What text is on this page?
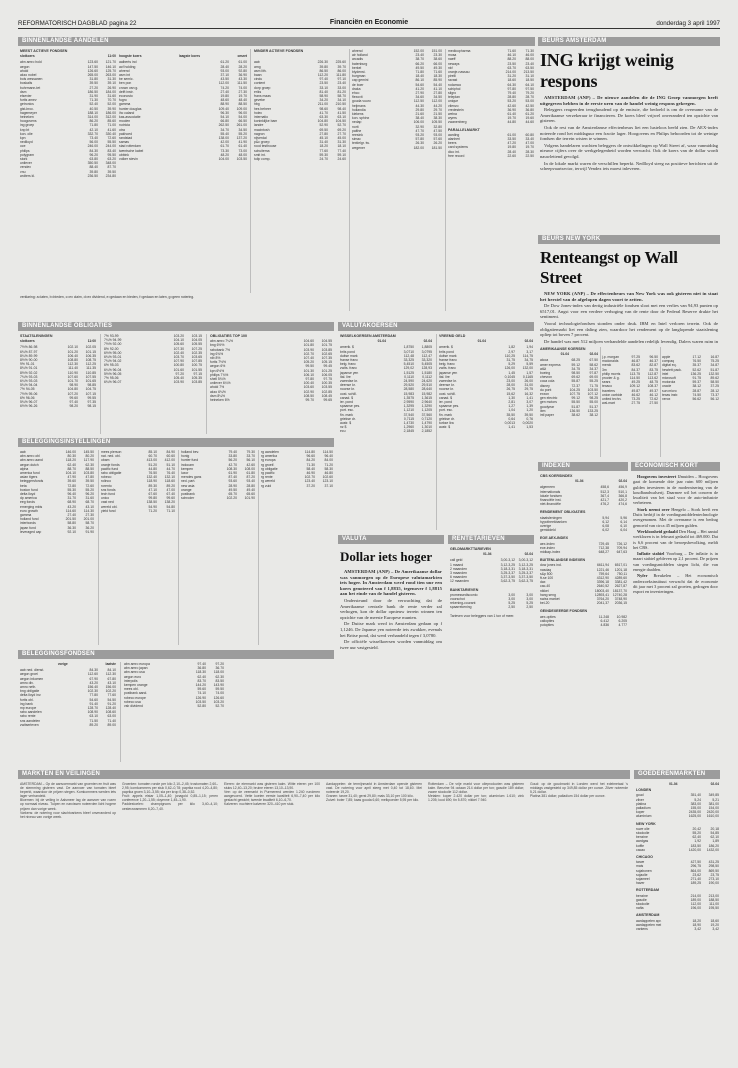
REFORMATORISCH DAGBLAD pagina 22	Financiën en Economie	donderdag 3 april 1997
BINNENLANDSE AANDELEN
MEEST ACTIEVE FONDSEN
slotkoers	11:00
abn amro hold	123.60	121.70
aegon	147.50	146.10
ahold	126.60	125.70
akzo nobel	265.00	263.00
bols wessanen	31.80	31.30
boskalis	39.50	39.10
buhrmann-tet	27.20	26.90
dsm	186.50	184.00
elsevier	31.90	31.60
fortis amev	71.30	70.70
getronics	52.40	52.00
gist-broc.	40.50	39.90
hagemeyer	188.10	186.00
heineken	314.00	312.00
hoogovens	86.20	85.60
ing groep	71.80	71.00
knp bt	42.10	41.60
kon. olie	332.70	330.40
kpn	73.40	72.60
nedlloyd	56.00	55.50
oce	246.00	244.00
philips	84.30	83.40
polygram	96.20	95.50
stork	63.80	63.20
unilever	350.50	348.00
vendex	88.40	87.70
vnu	39.80	39.50
wolters kl.	236.50	234.80
hoogste koers	laagste koers	omzet
aalberts ind	61.20	61.00
acf holding	28.40	28.20
ahrend	93.00	92.80
asm int	37.10	36.90
be semic.	43.50	43.30
ben pon	112.00	111.50
crown van g.	74.20	74.00
delft instr.	27.40	27.30
econosto	19.80	19.70
fugro	48.60	48.40
gamma	88.90	88.50
hunter douglas	109.40	109.00
ihc caland	96.30	96.00
kas-associatie	54.10	54.00
moolen	66.80	66.50
nutricia	262.50	261.00
otra	34.70	34.50
pakhoed	55.40	55.20
randstad	138.00	137.20
samas	42.00	41.90
stad rotterdam	61.70	61.40
twentsche kabel	73.30	73.00
ubbink	48.20	48.00
volker stevin	104.00	103.50
MINDER ACTIEVE FONDSEN
aab	226.30	225.60
amg	39.80	39.70
asm lith.	86.50	86.00
baan	112.20	111.80
cindu	97.40	97.10
content	23.50	23.40
dorp groep	33.10	33.00
eriks	81.40	81.20
frans maas	58.90	58.70
geveke	34.20	34.10
hbg	211.00	210.50
hes beheer	98.60	98.40
holec	41.70	41.50
internatio	63.30	63.10
koninklijke bam	104.80	104.50
landre	52.90	52.70
macintosh	69.50	69.20
nagron	27.80	27.70
nijverdal	45.10	45.00
p&c groep	31.40	31.30
rood testhouse	18.20	18.10
schuitema	77.60	77.40
smit int.	59.30	59.10
tulip comp.	24.70	24.60
ahrend	152.00	151.00
air holland	23.40	23.30
arcadis	38.70	38.60
batenburg	66.20	66.00
berkel	49.50	49.30
blydenst.	71.80	71.60
burgman	18.40	18.30
cap gemini	86.10	85.90
de boer	54.60	54.40
draka	41.20	41.10
ehco	27.90	27.80
flexovit	34.60	34.50
gouda vuurv.	112.50	112.00
heijmans	44.30	44.20
hollandia	29.80	29.70
kiekens	21.60	21.50
kon. sphinx	38.40	38.30
nedap	106.00	105.50
norit	32.90	32.80
palthe	47.70	47.50
reesink	93.20	93.00
simac	57.80	57.60
textielgr. tw.	26.30	26.20
wegener	182.00	181.50
medicopharma	71.60	71.30
mosa	46.10	46.00
naeff	88.20	88.00
neways	23.50	23.40
nkf	63.70	63.50
oranje-nassau	214.00	213.50
pirelli	31.20	31.10
ravast	18.60	18.50
rodamco	64.30	64.10
schiphol	97.80	97.50
sligro	79.40	79.20
teleplan	28.80	28.70
unique	53.20	53.00
vilenzo	42.60	42.50
vredestein	36.90	36.80
welna	61.40	61.20
wyers	19.70	19.60
zwanenberg	44.80	44.60
PARALLELMARKT
aarding	61.00	60.80
alanheri	33.50	33.40
beers	47.20	47.00
card systems	19.80	19.70
dico int.	28.40	28.30
free record	22.60	22.50
verklaring: a=laten, b=bieden, c=ex claim, d=ex dividend, e=gedaan en bieden, f=gedaan en laten, g=geen notering.
BINNENLANDSE OBLIGATIES
STAATSLENINGEN
slotkoers	11:00
7½% 86-98	102.10	102.05
6¾% 87-97	101.20	101.15
8¼% 89-99	106.40	106.35
8½% 90-00	108.80	108.75
9% 91-01	112.30	112.25
8¾% 91-01	111.40	111.35
8½% 92-02	110.90	110.85
7¾% 93-03	107.60	107.55
6¼% 93-03	101.70	101.65
5¾% 94-04	98.90	98.85
7% 94-05	104.80	104.75
7½% 95-06	107.20	107.15
6% 96-06	99.60	99.55
5¾% 96-07	97.40	97.35
6½% 96-26	98.20	98.15
7% 93-99	103.20	103.15
7¼% 94-99	104.10	104.05
7½% 92-00	105.60	105.55
8% 92-00	107.30	107.25
6½% 95-00	102.40	102.35
6¾% 93-01	103.70	103.65
7¾% 94-02	107.90	107.85
6% 95-03	100.80	100.75
6¼% 96-04	101.60	101.55
5½% 96-05	97.20	97.15
7% 95-06	105.40	105.35
6¾% 96-07	103.90	103.85
OBLIGATIES TOP 100
abn amro 7¼%	104.60	104.55
bng 6½%	101.80	101.75
rabobank 7%	103.90	103.85
ing 6¾%	102.70	102.65
nib 8%	107.40	107.35
fortis 7½%	105.20	105.15
aegon 6%	99.50	99.45
kpn 6½%	101.30	101.25
philips 7¾%	106.10	106.05
shell 5¾%	97.80	97.75
unilever 6¼%	100.40	100.35
ahold 7%	103.60	103.55
akzo 6¾%	102.90	102.85
dsm 8¼%	108.50	108.45
heineken 6%	99.70	99.65
BELEGGINGSINSTELLINGEN
aab	146.00	145.50
abn amro obl	80.30	80.20
abn amro aand	118.20	117.90
aegon dutch	62.40	62.30
alpha	88.70	88.50
america fund	104.10	103.80
asian tigers	47.90	47.80
beleggersfonds	39.60	39.50
beta	72.80	72.60
boston fund	55.30	55.20
delta lloyd	96.40	96.20
dp america	31.70	31.60
eeg fonds	68.90	68.70
emerging mkts	43.20	43.10
euro growth	114.60	114.30
gamma	27.40	27.30
holland fund	201.50	201.00
interbonds	58.80	58.70
japan fund	36.30	36.20
leveraged cap	92.10	91.90
mees pierson	85.10	84.90
nat. ned. obl.	60.70	60.60
obam	413.00	412.00
oranje fonds	51.20	51.10
pacific fund	44.80	44.70
rabo obligatie	76.50	76.40
robeco	132.40	132.10
rolinco	118.90	118.60
rorento	89.30	89.20
sns fonds	47.10	47.00
tech fund	67.60	67.40
unico	99.80	99.60
vast ned	138.50	138.20
wereld obl.	54.90	54.80
yield fund	71.20	71.10
holland bev.	79.40	79.30
honig	33.80	33.70
hunter fund	56.20	56.10
indocam	42.70	42.60
kempen	108.30	108.00
luxor	61.90	61.80
mendes gans	87.40	87.20
ned. part.	93.60	93.40
new asia	28.90	28.80
orange	49.50	49.40
postbank	65.70	65.60
schroder	102.20	101.90
rg aandelen	114.80	114.50
rg amerika	96.60	96.40
rg europa	84.20	84.00
rg groeif.	71.30	71.20
rg obligatie	58.40	58.30
rg pacific	46.90	46.80
rg rente	102.70	102.60
rg wereld	123.40	123.10
rg zuid	37.20	37.10
BELEGGINGSFONDSEN
vorige	laatste
aab ned. dienst.	84.30	84.10
aegon groei	112.60	112.30
aegon inkomen	67.90	67.80
amro div.	43.20	43.10
amro neth.	156.40	156.00
bng obligatie	102.30	102.20
delta lloyd inv.	77.80	77.60
fortis obl.	54.60	54.50
ing bank	91.40	91.20
mp europe	128.70	128.40
rabo aandelen	108.90	108.60
rabo rente	63.10	63.00
sns aandelen	71.50	71.40
zwitserleven	89.20	89.00
abn amro europa	97.40	97.20
abn amro japan	36.80	36.70
abn amro usa	118.30	118.00
aegon euro	62.40	62.30
interpolis	83.70	83.50
kempen orange	144.20	143.90
mees obl.	59.60	59.50
postbank aand.	74.10	74.00
robeco europe	126.90	126.60
robeco usa	103.50	103.20
vsb dividend	52.80	52.70
VALUTAKOERSEN
WISSELKOERSEN AMSTERDAM
01-04	02-04
amerik. $	1,8750	1,8805
brits pond	3,0710	3,0795
duitse mark	112,48	112,47
franse franc	33,325	33,320
belg. franc	5,4510	5,4505
zwits. franc	129,02	128,93
japanse yen	1,5125	1,5180
ital. lire	0,1110	0,1112
zweedse kr.	24,590	24,620
deense kr.	29,520	29,510
noorse kr.	28,580	28,640
oost. schill.	15,983	15,982
canad. $	1,3575	1,3615
ier. pond	2,9590	2,9640
spaanse pes.	1,3295	1,3290
port. esc.	1,1210	1,1205
fin. mark	37,540	37,560
griekse dr.	0,7115	0,7120
austr. $	1,4730	1,4790
nz $	1,2960	1,3010
ecu	2,1845	2,1852
VREEMD GELD
01-04	02-04
amerik. $	1,82	1,94
brits pond	2,97	3,17
duitse mark	110,25	114,75
franse franc	31,75	34,75
belg. franc	5,29	5,59
zwits. franc	126,00	132,00
japanse yen	1,45	1,57
ital. lire	0,1045	0,1165
zweedse kr.	23,00	26,00
deense kr.	28,00	31,00
noorse kr.	26,75	29,75
oost. schill.	15,62	16,32
canad. $	1,30	1,41
ier. pond	2,81	3,07
spaanse pes.	1,27	1,39
port. esc.	1,04	1,20
fin. mark	35,50	39,50
griekse dr.	0,64	0,76
turkse lira	0,0013	0,0020
austr. $	1,41	1,53
VALUTA
Dollar iets hoger

AMSTERDAM (ANP) – De Amerikaanse dollar was vanmorgen op de Europese valutamarkten iets hoger. In Amsterdam werd rond tien uur een koers genoteerd van f 1,8835, tegenover f 1,8815 aan het einde van de handel gisteren.

Ondersteund door de verwachting dat de Amerikaanse centrale bank de rente verder zal verhogen, kon de dollar opnieuw terrein winnen ten opzichte van de meeste Europese munten.

De Duitse mark werd in Amsterdam gedaan op f 1,1246. De Japanse yen noteerde iets zwakker, evenals het Britse pond, dat werd verhandeld tegen f 3,0780.

De officiële wisselkoersen worden vanmiddag om twee uur vastgesteld.

RENTETARIEVEN
GELDMARKTTARIEVEN
01-04	02-04
call geld	3,00-3,12	3,00-3,12
1 maand	3,12-3,25	3,12-3,25
2 maanden	3,18-3,31	3,18-3,31
3 maanden	3,25-3,37	3,25-3,37
6 maanden	3,37-3,50	3,37-3,50
12 maanden	3,62-3,75	3,62-3,75
BANKTARIEVEN
promessedisconto	3,00	3,00
voorschot	3,00	3,00
rekening-courant	5,25	5,25
spaarrekening	2,50	2,50
Tarieven voor beleggers van 1 ton of meer.
BEURS AMSTERDAM
ING krijgt weinig respons

AMSTERDAM (ANP) – De nieuwe aandelen die de ING Groep vanmorgen heeft uitgegeven hebben in de eerste uren van de handel weinig respons gekregen.

Beleggers reageerden terughoudend op de emissie, die bedoeld is om de overname van de Amerikaanse verzekeraar te financieren. De koers bleef vrijwel onveranderd ten opzichte van gisteren.

Ook de rest van de Amsterdamse effectenbeurs liet een lusteloos beeld zien. De AEX-index noteerde rond het middaguur een fractie lager. Hoogovens en Philips behoorden tot de weinige fondsen die terrein wisten te winnen.

Volgens handelaren wachten beleggers de ontwikkelingen op Wall Street af, waar vanmiddag nieuwe cijfers over de werkgelegenheid worden verwacht. Ook de koers van de dollar wordt nauwlettend gevolgd.

In de lokale markt waren de verschillen beperkt. Nedlloyd steeg na positieve berichten uit de scheepvaartsector, terwijl Vendex iets moest inleveren.

BEURS NEW YORK
Renteangst op Wall Street

NEW YORK (ANP) – De effectenbeurs van New York was ook gisteren niet in staat het herstel van de afgelopen dagen voort te zetten.

De Dow Jones-index van dertig industriële fondsen sloot met een verlies van 94,93 punten op 6517,01. Angst voor een verdere verhoging van de rente door de Federal Reserve drukte het sentiment.

Vooral technologiefondsen stonden onder druk. IBM en Intel verloren terrein. Ook de obligatiemarkt liet een daling zien, waardoor het rendement op de langlopende staatslening opliep tot boven 7 procent.

De handel was met 512 miljoen verhandelde aandelen redelijk levendig. Dalers waren ruim in

AMERIKAANSE KOERSEN
01-04	02-04
alcoa	68.25	67.50
amer express	59.12	58.62
at&t	34.75	34.37
boeing	98.50	97.87
chevron	69.62	69.00
coca cola	55.87	55.25
disney	72.37	71.75
du pont	104.25	103.50
exxon	107.75	107.12
gen electric	99.12	98.25
gen motors	55.50	55.00
goodyear	51.87	51.37
ibm	136.50	133.25
intl paper	38.62	38.12
j.p. morgan	97.25	96.50
mcdonalds	46.87	46.37
merck	83.62	82.87
3m	84.37	83.75
philip morris	113.75	112.87
procter & g.	114.50	113.62
sears	49.25	48.75
texaco	109.12	108.37
travelers	49.87	49.37
union carbide	46.62	46.12
united techn.	73.25	72.62
wal-mart	27.75	27.50
apple	17.12	16.87
compaq	76.50	75.25
digital eq.	35.37	34.87
hewlett pack.	52.62	51.87
intel	136.25	132.50
microsoft	91.75	89.62
motorola	59.37	58.50
oracle	38.12	37.25
sun micro	28.87	28.12
texas instr.	74.50	73.37
xerox	56.62	56.12
INDEXEN
CBS KOERSINDEX
01-04	02-04
algemeen	458,6	456,9
internationals	512,3	510,1
lokale fondsen	367,4	366,8
financiële inst.	421,7	420,2
niet-financiële	476,2	474,6
RENDEMENT OBLIGATIES
staatsleningen	5,94	5,96
hypotheekbanken	6,12	6,14
overige	6,08	6,10
gemiddeld	6,02	6,04
EOE AEX-INDEX
aex-index	729,45	726,12
eoe-index	712,38	709,94
midkap-index	648,27	647,63
BUITENLANDSE INDEXEN
dow jones ind.	6611,94	6517,01
nasdaq	1221,46	1201,18
s&p 500	759,64	750,11
ft-se 100	4312,90	4289,60
dax	3396,18	3381,42
cac-40	2640,52	2627,87
nikkei	18003,40	18137,70
hang seng	12893,41	12740,28
swiss market	3764,20	3748,90
bel-20	2041,37	2036,15
GEINDEXEERDE FONDSEN
aex-opties	11.248	10.982
callopties	6.412	6.205
putopties	4.836	4.777
ECONOMISCH KORT

Hoogovens investeert IJmuiden – Hoogovens gaat de komende drie jaar ruim 600 miljoen gulden investeren in de modernisering van de koudbandwalserij. Daarmee wil het concern de kwaliteit van het staal voor de auto-industrie verbeteren.

Stork neemt over Hengelo – Stork heeft een Duits bedrijf in de voedingsmiddelentechnologie overgenomen. Met de overname is een bedrag gemoeid van circa 45 miljoen gulden.

Werkloosheid gedaald Den Haag – Het aantal werklozen is in februari gedaald tot 469.000. Dat is 6,6 procent van de beroepsbevolking, meldt het CBS.

Inflatie stabiel Voorburg – De inflatie is in maart stabiel gebleven op 2,1 procent. De prijzen van voedingsmiddelen stegen licht, die van energie daalden.

Nyfer Breukelen – Het economisch onderzoeksinstituut verwacht dat de economie dit jaar met 3 procent zal groeien, gedragen door export en investeringen.

MARKTEN EN VEILINGEN

AMSTERDAM – Op de aanvoermarkt van groenten en fruit was de stemming gisteren vast. De aanvoer van tomaten bleef beperkt, waardoor de prijzen stegen. Komkommers werden iets lager verhandeld.

Bloemen: bij de veiling in Aalsmeer lag de aanvoer van rozen op normaal niveau. Tulpen en narcissen noteerden licht hogere prijzen dan vorige week.

Varkens: de notering voor slachtvarkens bleef onveranderd op het niveau van vorige week.

Groenten: tomaten ronde per kilo 2,10–2,45; trostomaten 2,60–2,95; komkommers per stuk 0,62–0,78; paprika rood 4,20–4,80; paprika groen 3,10–3,55; sla per krop 0,38–0,52.

Fruit: appels elstar 1,05–1,40; jonagold 0,85–1,15; peren conference 1,20–1,55; doyenne 1,45–1,90.

Paddestoelen: champignons per kilo 3,40–4,10; oesterzwammen 6,20–7,40.

Eieren: de eiermarkt was gisteren kalm. Witte eieren per 100 stuks 12,40–13,20; bruine eieren 13,10–13,90.

Vee: op de veemarkt in Purmerend werden 1.240 runderen aangevoerd. Vette koeien eerste kwaliteit 6,90–7,40 per kilo geslacht gewicht; tweede kwaliteit 6,10–6,70.

Kalveren: nuchtere kalveren 320–410 per stuk.

Aardappelen: de termijnmarkt in Amsterdam opende gisteren vast. De notering voor april steeg met 0,40 tot 18,60. Mei noteerde 19,20.

Granen: tarwe 31,40; gerst 29,80; mais 33,10 per 100 kilo.

Zuivel: boter 7,85; kaas gouda 6,60; melkpoeder 5,95 per kilo.

Rotterdam – De vrije markt voor olieproducten was gisteren kalm. Benzine 94 octaan 214 dollar per ton; gasolie 189 dollar; zware stookolie 112 dollar.

Metalen: koper 2.420 dollar per ton; aluminium 1.610; zink 1.205; lood 690; tin 5.870; nikkel 7.940.

Goud: op de goudmarkt in Londen werd het edelmetaal 's middags vastgesteld op 349,85 dollar per ounce. Zilver noteerde 5,21 dollar.

Platina 381 dollar; palladium 154 dollar per ounce.

GOEDERENMARKTEN
01-04	02-04
LONDEN
goud	351,40	349,85
zilver	5,24	5,21
platina	383,00	381,00
palladium	155,00	154,00
koper	2435,00	2420,00
aluminium	1625,00	1610,00
NEW YORK
ruwe olie	20,42	20,18
stookolie	55,20	54,85
benzine	62,40	62,10
aardgas	1,92	1,89
koffie	183,50	186,20
cacao	1420,00	1432,00
CHICAGO
tarwe	427,50	431,25
mais	296,75	298,50
sojabonen	864,00	869,50
sojaolie	23,62	23,75
sojameel	271,40	273,10
haver	189,25	190,00
ROTTERDAM
benzine	214,00	213,00
gasolie	189,00	188,50
stookolie	112,00	111,00
nafta	196,00	195,50
AMSTERDAM
aardappelen apr.	18,20	18,60
aardappelen mei	18,90	19,20
varkens	3,42	3,42
